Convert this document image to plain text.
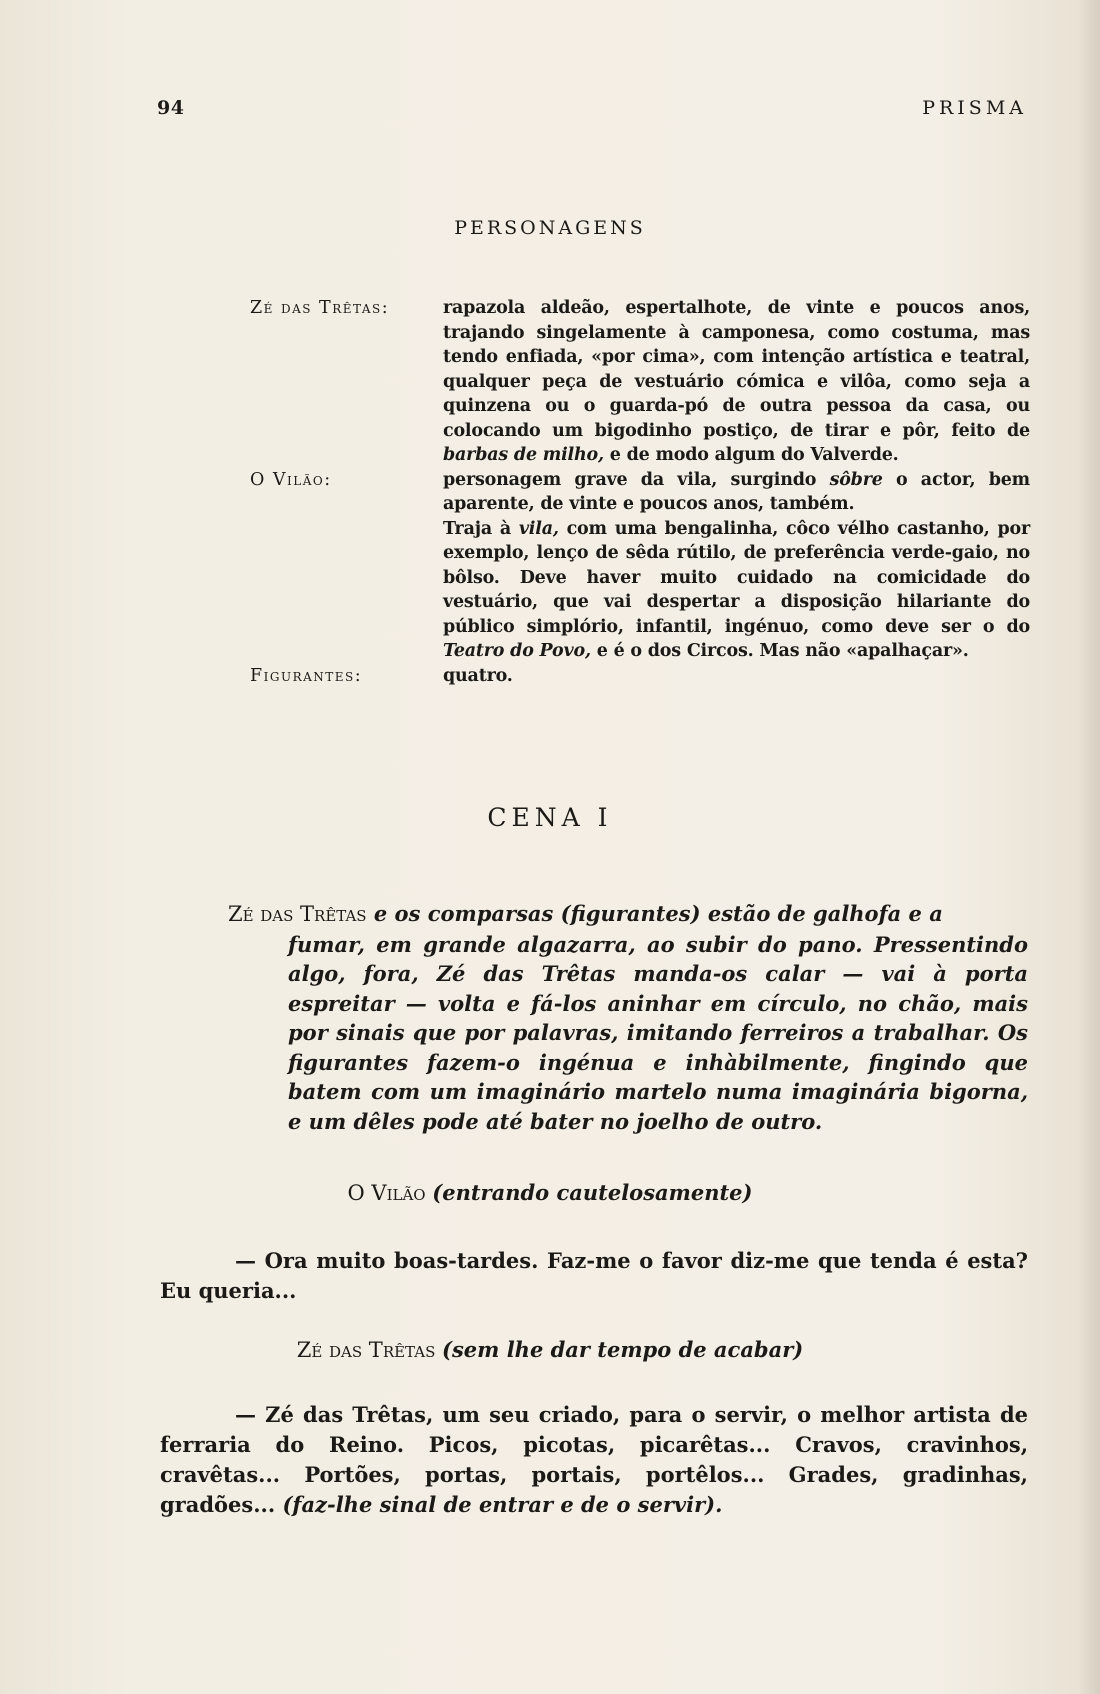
94	PRISMA
PERSONAGENS
Zé das Trêtas:	rapazola aldeão, espertalhote, de vinte e poucos anos, trajando singelamente à camponesa, como costuma, mas tendo enfiada, «por cima», com intenção artística e teatral, qualquer peça de vestuário cómica e vilôa, como seja a quinzena ou o guarda-pó de outra pessoa da casa, ou colocando um bigodinho postiço, de tirar e pôr, feito de barbas de milho, e de modo algum do Valverde.

O Vilão:	personagem grave da vila, surgindo sôbre o actor, bem aparente, de vinte e poucos anos, também.

Traja à vila, com uma bengalinha, côco vélho castanho, por exemplo, lenço de sêda rútilo, de preferência verde-gaio, no bôlso. Deve haver muito cuidado na comicidade do vestuário, que vai despertar a disposição hilariante do público simplório, infantil, ingénuo, como deve ser o do Teatro do Povo, e é o dos Circos. Mas não «apalhaçar».

Figurantes:	quatro.

CENA I
Zé das Trêtas e os comparsas (figurantes) estão de galhofa e a
fumar, em grande algazarra, ao subir do pano. Pressentindo algo, fora, Zé das Trêtas manda-os calar — vai à porta espreitar — volta e fá-los aninhar em círculo, no chão, mais por sinais que por palavras, imitando ferreiros a trabalhar. Os figurantes fazem-o ingénua e inhàbilmente, fingindo que batem com um imaginário martelo numa imaginária bigorna, e um dêles pode até bater no joelho de outro.
O Vilão (entrando cautelosamente)

— Ora muito boas-tardes. Faz-me o favor diz-me que tenda é esta? Eu queria...

Zé das Trêtas (sem lhe dar tempo de acabar)

— Zé das Trêtas, um seu criado, para o servir, o melhor artista de ferraria do Reino. Picos, picotas, picarêtas... Cravos, cravinhos, cravêtas... Portões, portas, portais, portêlos... Grades, gradinhas, gradões... (faz-lhe sinal de entrar e de o servir).
